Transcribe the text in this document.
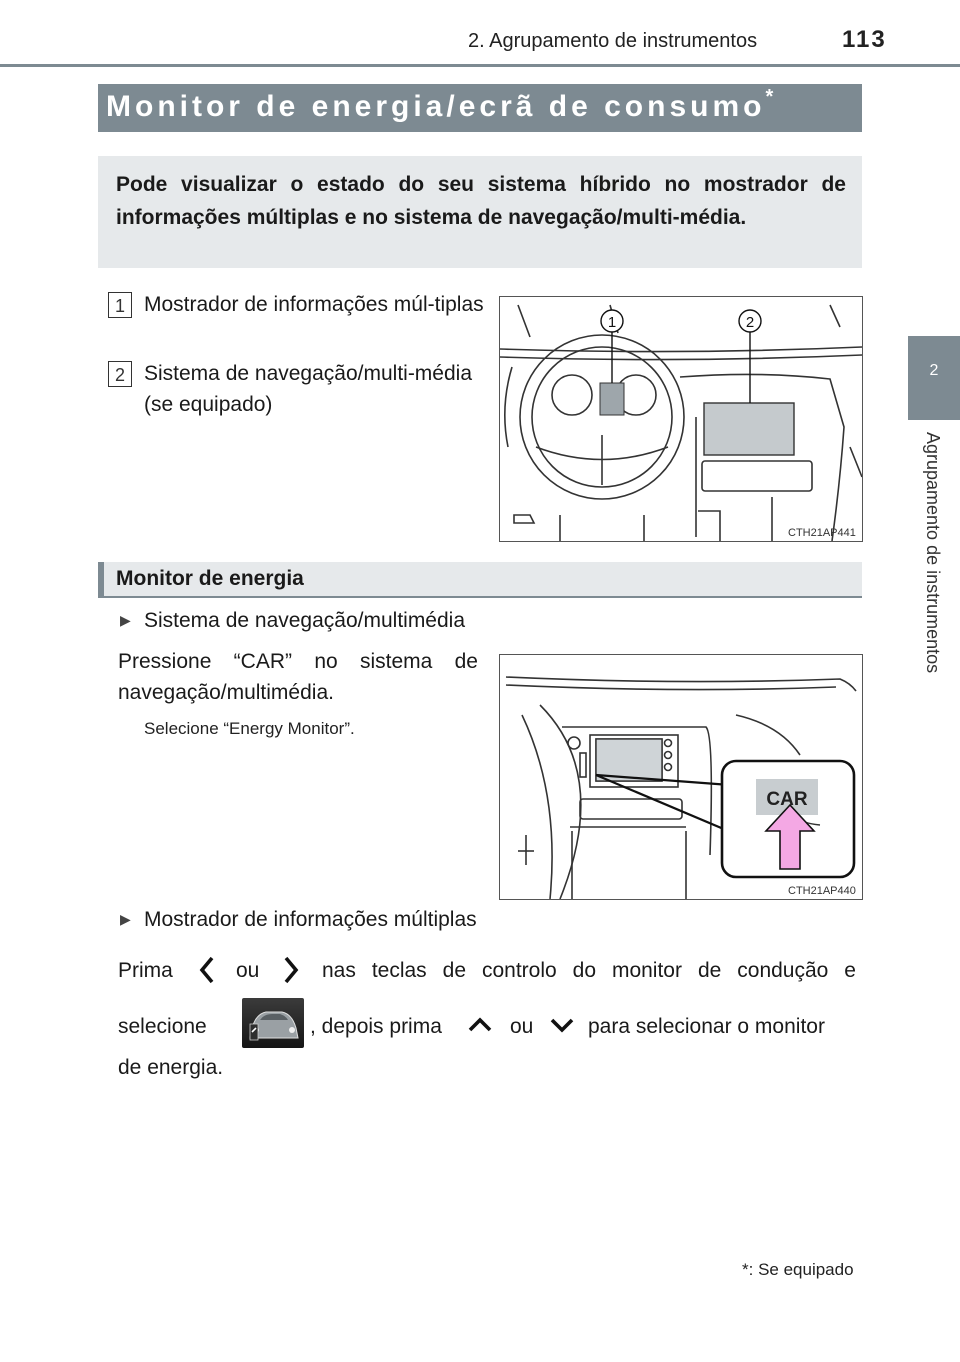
2. Agrupamento de instrumentos	113
2
Agrupamento de instrumentos
Monitor de energia/ecrã de consumo*
Pode visualizar o estado do seu sistema híbrido no mostrador de informações múltiplas e no sistema de navegação/multi-média.
1 Mostrador de informações múl-tiplas
2 Sistema de navegação/multi-média (se equipado)
1	2
CTH21AP441
Monitor de energia
▶ Sistema de navegação/multimédia
Pressione “CAR” no sistema de navegação/multimédia.
Selecione “Energy Monitor”.
CAR
CTH21AP440
▶ Mostrador de informações múltiplas
Prima	ou	nas teclas de controlo do monitor de condução e
selecione	, depois prima	ou	para selecionar o monitor
de energia.
*: Se equipado
